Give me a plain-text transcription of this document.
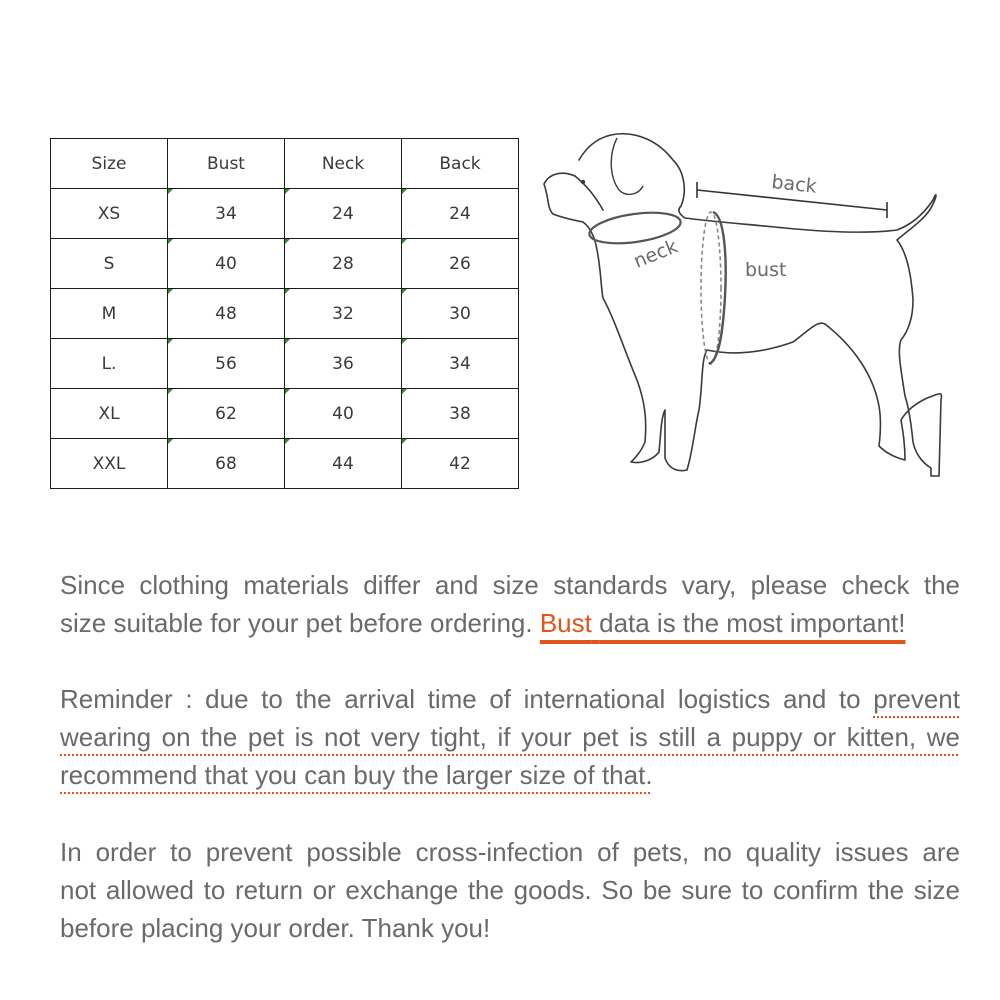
Size	Bust	Neck	Back
XS	34	24	24
S	40	28	26
M	48	32	30
L.	56	36	34
XL	62	40	38
XXL	68	44	42
back
neck	bust

Since clothing materials differ and size standards vary, please check the
size suitable for your pet before ordering. Bust data is the most important!

Reminder : due to the arrival time of international logistics and to prevent
wearing on the pet is not very tight, if your pet is still a puppy or kitten, we
recommend that you can buy the larger size of that.

In order to prevent possible cross-infection of pets, no quality issues are
not allowed to return or exchange the goods. So be sure to confirm the size
before placing your order. Thank you!
